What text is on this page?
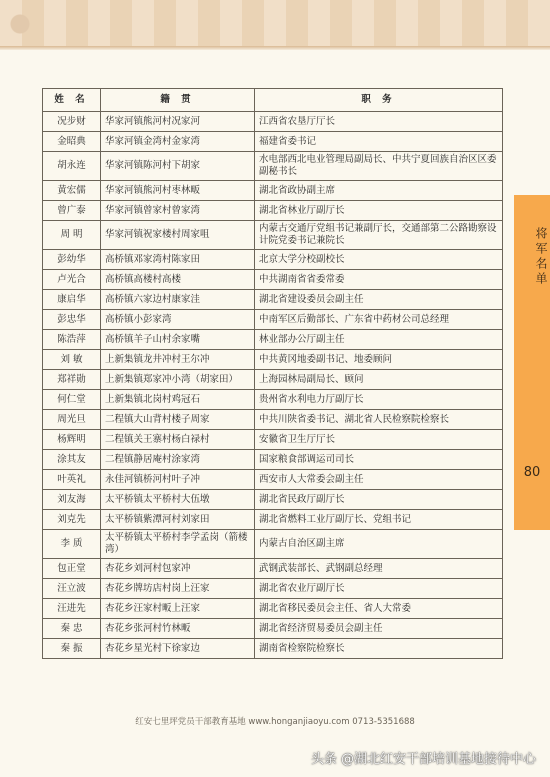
姓 名	籍 贯	职 务
况步财	华家河镇熊河村况家河	江西省农垦厅厅长
金昭典	华家河镇金湾村金家湾	福建省委书记
胡永连	华家河镇陈河村下胡家	水电部西北电业管理局副局长、中共宁夏回族自治区区委副秘书长
黄宏儒	华家河镇熊河村枣林畈	湖北省政协副主席
曾广泰	华家河镇曾家村曾家湾	湖北省林业厅副厅长
周 明	华家河镇祝家楼村周家咀	内蒙古交通厅党组书记兼副厅长，交通部第二公路勘察设计院党委书记兼院长
彭幼华	高桥镇邓家湾村陈家田	北京大学分校副校长
卢光合	高桥镇高楼村高楼	中共湖南省省委常委
康启华	高桥镇六家边村康家洼	湖北省建设委员会副主任
彭忠华	高桥镇小彭家湾	中南军区后勤部长、广东省中药材公司总经理
陈浩萍	高桥镇羊子山村余家嘴	林业部办公厅副主任
刘 敏	上新集镇龙井冲村王尔冲	中共黄冈地委副书记、地委顾问
郑祥勋	上新集镇郑家冲小湾（胡家田）	上海园林局副局长、顾问
何仁堂	上新集镇北岗村鸡冠石	贵州省水利电力厅副厅长
周光旦	二程镇大山背村楼子周家	中共川陕省委书记、湖北省人民检察院检察长
杨辉明	二程镇关王寨村杨白禄村	安徽省卫生厅厅长
涂其友	二程镇静居庵村涂家湾	国家粮食部调运司司长
叶英礼	永佳河镇桥河村叶子冲	西安市人大常委会副主任
刘友海	太平桥镇太平桥村大伍墩	湖北省民政厅副厅长
刘克先	太平桥镇紫潭河村刘家田	湖北省燃料工业厅副厅长、党组书记
李 质	太平桥镇太平桥村李学孟岗（箭楼湾）	内蒙古自治区副主席
包正堂	杏花乡刘河村包家冲	武钢武装部长、武钢副总经理
汪立波	杏花乡牌坊店村岗上汪家	湖北省农业厅副厅长
汪进先	杏花乡汪家村畈上汪家	湖北省移民委员会主任、省人大常委
秦 忠	杏花乡张河村竹林畈	湖北省经济贸易委员会副主任
秦 振	杏花乡星光村下徐家边	湖南省检察院检察长
将军名单
80
红安七里坪党员干部教育基地 www.honganjiaoyu.com 0713-5351688
头条 @湖北红安干部培训基地接待中心
